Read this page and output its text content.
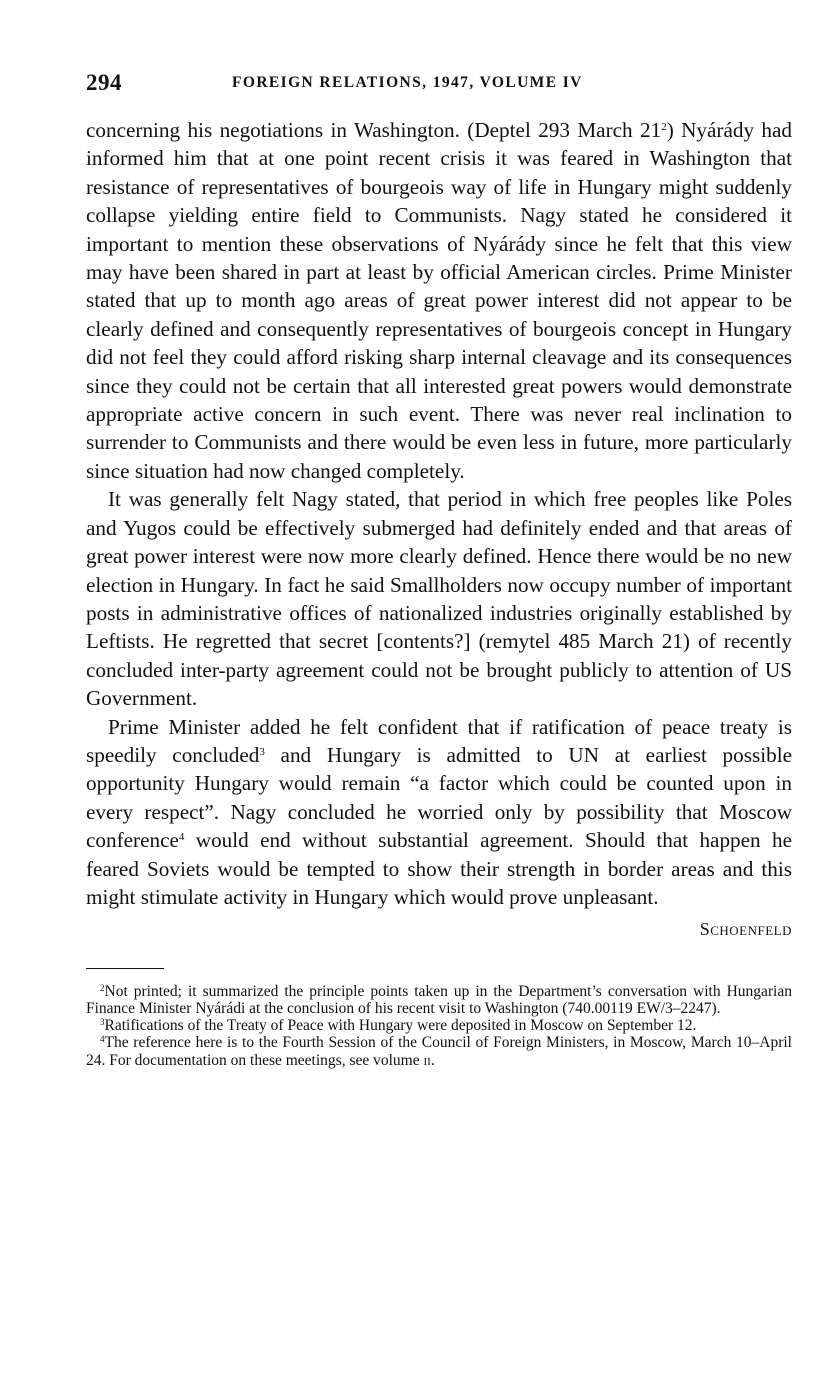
294	FOREIGN RELATIONS, 1947, VOLUME IV

concerning his negotiations in Washington. (Deptel 293 March $21^2$) Nyárády had informed him that at one point recent crisis it was feared in Washington that resistance of representatives of bourgeois way of life in Hungary might suddenly collapse yielding entire field to Communists. Nagy stated he considered it important to mention these observations of Nyárády since he felt that this view may have been shared in part at least by official American circles. Prime Minister stated that up to month ago areas of great power interest did not appear to be clearly defined and consequently representatives of bourgeois concept in Hungary did not feel they could afford risking sharp internal cleavage and its consequences since they could not be certain that all interested great powers would demonstrate appropriate active concern in such event. There was never real inclination to surrender to Communists and there would be even less in future, more particularly since situation had now changed completely.

It was generally felt Nagy stated, that period in which free peoples like Poles and Yugos could be effectively submerged had definitely ended and that areas of great power interest were now more clearly defined. Hence there would be no new election in Hungary. In fact he said Smallholders now occupy number of important posts in administrative offices of nationalized industries originally established by Leftists. He regretted that secret [contents?] (remytel 485 March 21) of recently concluded inter-party agreement could not be brought publicly to attention of US Government.

Prime Minister added he felt confident that if ratification of peace treaty is speedily concluded$^3$ and Hungary is admitted to UN at earliest possible opportunity Hungary would remain “a factor which could be counted upon in every respect”. Nagy concluded he worried only by possibility that Moscow conference$^4$ would end without substantial agreement. Should that happen he feared Soviets would be tempted to show their strength in border areas and this might stimulate activity in Hungary which would prove unpleasant.

Schoenfeld

$^2$Not printed; it summarized the principle points taken up in the Department’s conversation with Hungarian Finance Minister Nyárádi at the conclusion of his recent visit to Washington (740.00119 EW/3–2247).

$^3$Ratifications of the Treaty of Peace with Hungary were deposited in Moscow on September 12.

$^4$The reference here is to the Fourth Session of the Council of Foreign Ministers, in Moscow, March 10–April 24. For documentation on these meetings, see volume ii.
